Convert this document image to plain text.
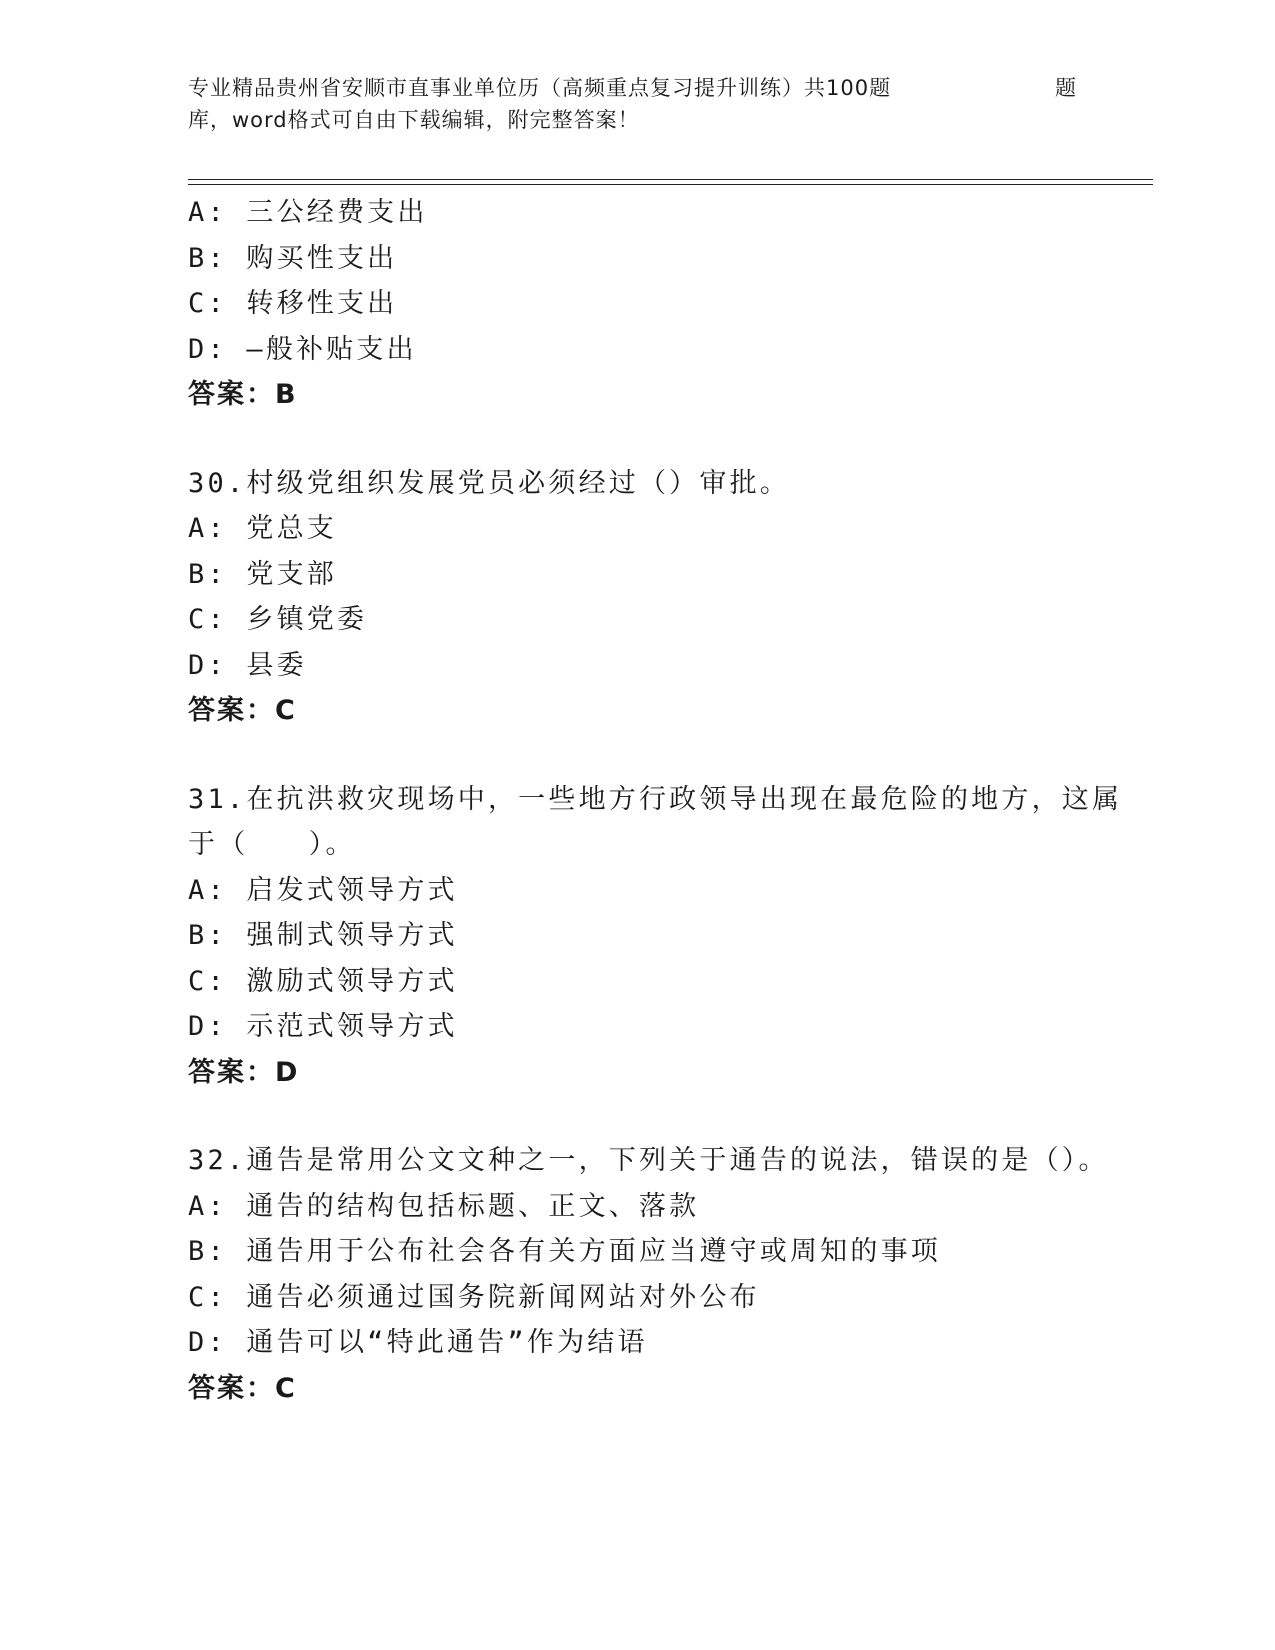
专业精品贵州省安顺市直事业单位历（高频重点复习提升训练）共100题	题
库，word格式可自由下载编辑，附完整答案！
A: 三公经费支出
B: 购买性支出
C: 转移性支出
D: —般补贴支出
答案：B
30.村级党组织发展党员必须经过（）审批。
A: 党总支
B: 党支部
C: 乡镇党委
D: 县委
答案：C
31.在抗洪救灾现场中，一些地方行政领导出现在最危险的地方，这属
于（　　）。
A: 启发式领导方式
B: 强制式领导方式
C: 激励式领导方式
D: 示范式领导方式
答案：D
32.通告是常用公文文种之一，下列关于通告的说法，错误的是（）。
A: 通告的结构包括标题、正文、落款
B: 通告用于公布社会各有关方面应当遵守或周知的事项
C: 通告必须通过国务院新闻网站对外公布
D: 通告可以“特此通告”作为结语
答案：C
